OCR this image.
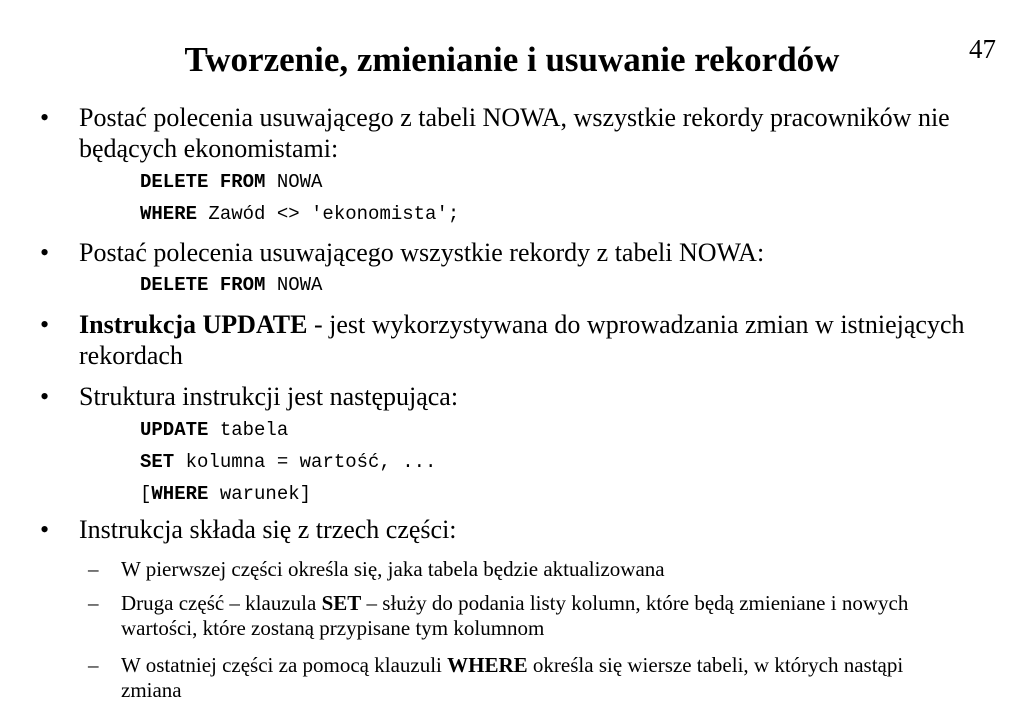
47
Tworzenie, zmienianie i usuwanie rekordów
• Postać polecenia usuwającego z tabeli NOWA, wszystkie rekordy pracowników nie będących ekonomistami:
DELETE FROM NOWA
WHERE Zawód <> 'ekonomista';
• Postać polecenia usuwającego wszystkie rekordy z tabeli NOWA:
DELETE FROM NOWA
• Instrukcja UPDATE - jest wykorzystywana do wprowadzania zmian w istniejących rekordach
• Struktura instrukcji jest następująca:
UPDATE tabela
SET kolumna = wartość, ...
[WHERE warunek]
• Instrukcja składa się z trzech części:
– W pierwszej części określa się, jaka tabela będzie aktualizowana
– Druga część – klauzula SET – służy do podania listy kolumn, które będą zmieniane i nowych wartości, które zostaną przypisane tym kolumnom
– W ostatniej części za pomocą klauzuli WHERE określa się wiersze tabeli, w których nastąpi zmiana
